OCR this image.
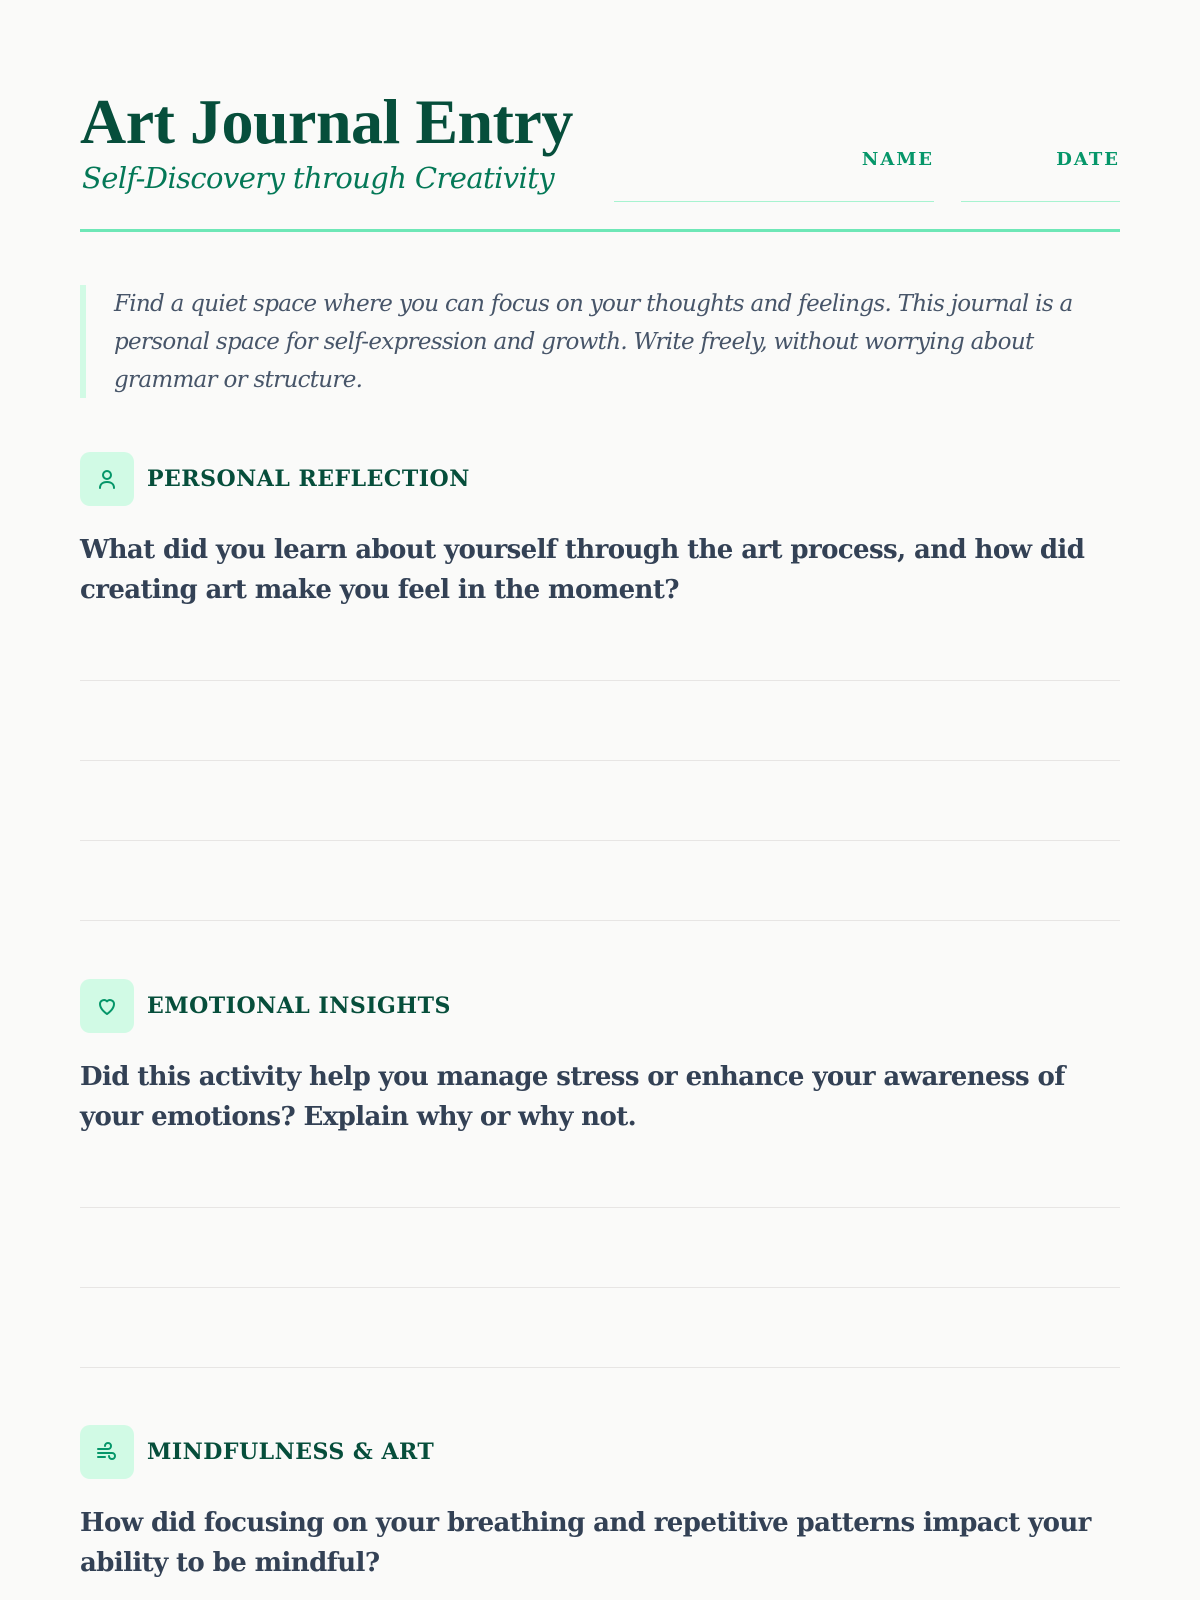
Art Journal Entry
Self-Discovery through Creativity
NAME	DATE

Find a quiet space where you can focus on your thoughts and feelings. This journal is a personal space for self-expression and growth. Write freely, without worrying about grammar or structure.

PERSONAL REFLECTION

What did you learn about yourself through the art process, and how did creating art make you feel in the moment?

EMOTIONAL INSIGHTS

Did this activity help you manage stress or enhance your awareness of your emotions? Explain why or why not.

MINDFULNESS & ART

How did focusing on your breathing and repetitive patterns impact your ability to be mindful?
